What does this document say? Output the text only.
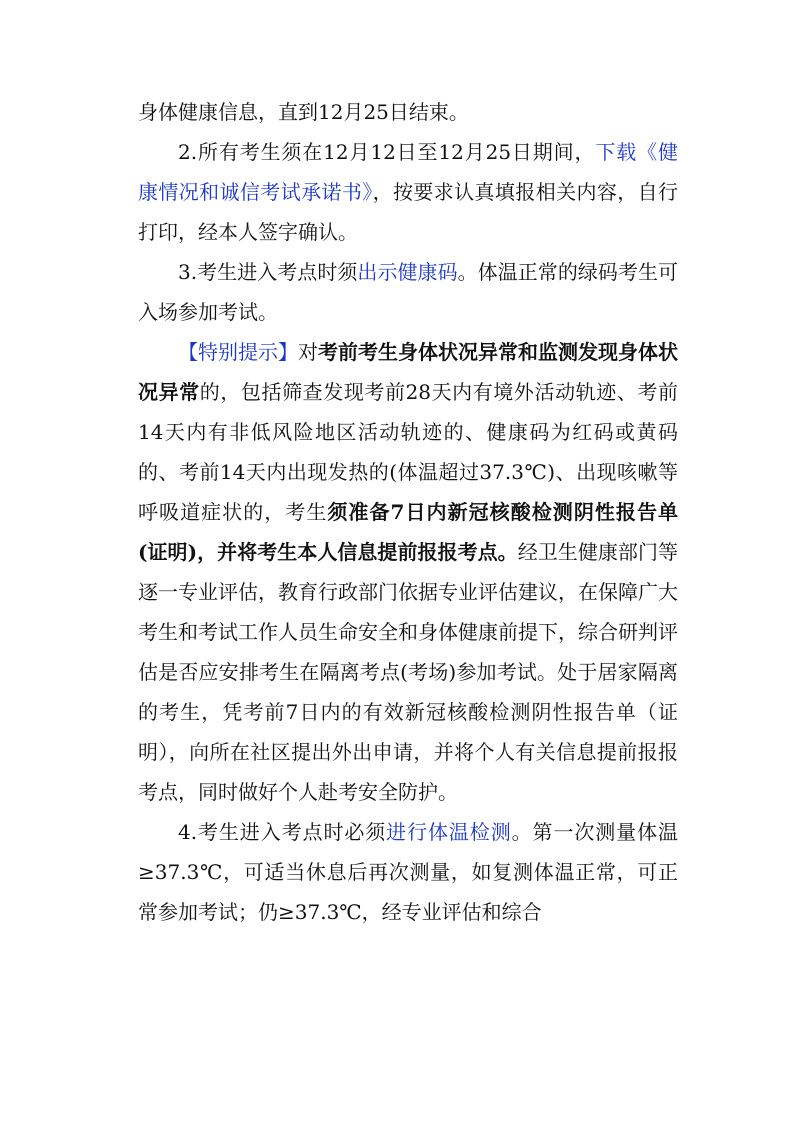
身体健康信息，直到12月25日结束。

2.所有考生须在12月12日至12月25日期间，下载《健康情况和诚信考试承诺书》，按要求认真填报相关内容，自行打印，经本人签字确认。

3.考生进入考点时须出示健康码。体温正常的绿码考生可入场参加考试。

【特别提示】对考前考生身体状况异常和监测发现身体状况异常的，包括筛查发现考前28天内有境外活动轨迹、考前14天内有非低风险地区活动轨迹的、健康码为红码或黄码的、考前14天内出现发热的(体温超过37.3℃)、出现咳嗽等呼吸道症状的，考生须准备7日内新冠核酸检测阴性报告单(证明)，并将考生本人信息提前报报考点。经卫生健康部门等逐一专业评估，教育行政部门依据专业评估建议，在保障广大考生和考试工作人员生命安全和身体健康前提下，综合研判评估是否应安排考生在隔离考点(考场)参加考试。处于居家隔离的考生，凭考前7日内的有效新冠核酸检测阴性报告单（证明），向所在社区提出外出申请，并将个人有关信息提前报报考点，同时做好个人赴考安全防护。

4.考生进入考点时必须进行体温检测。第一次测量体温≥37.3℃，可适当休息后再次测量，如复测体温正常，可正常参加考试；仍≥37.3℃，经专业评估和综合
